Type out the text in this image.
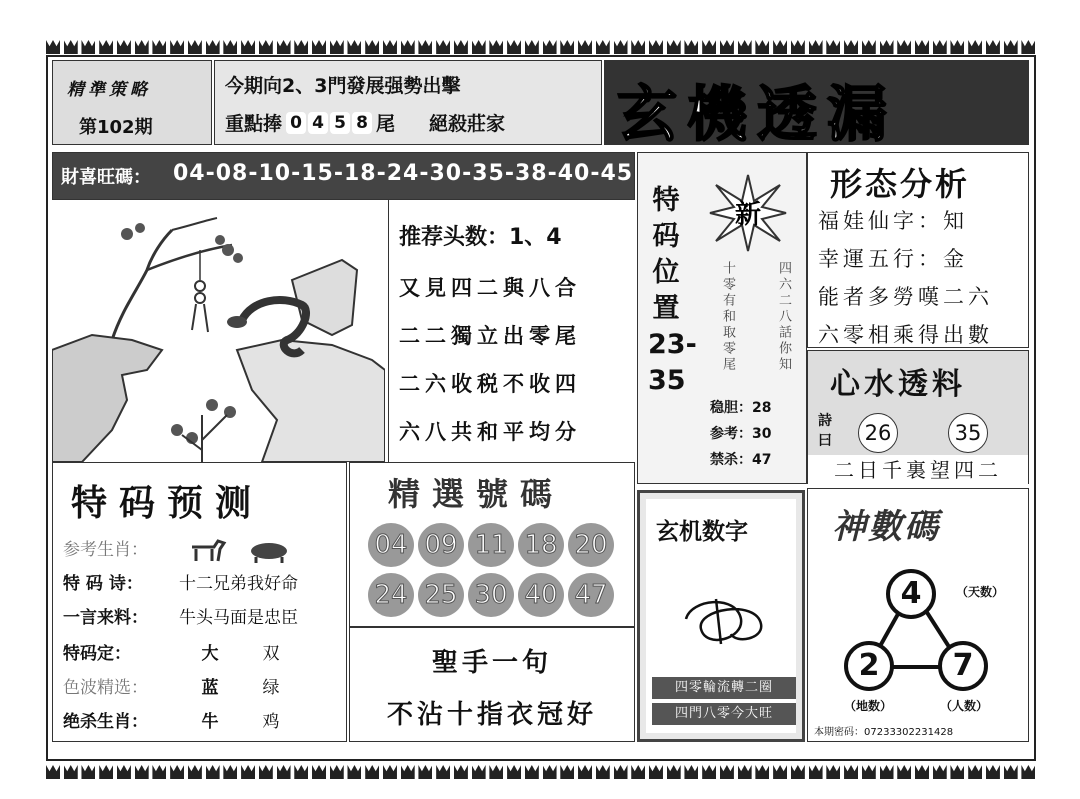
精準策略
第102期
今期向2、3門發展强勢出擊
重點捧 0 4 5 8 尾 絕殺莊家 玄機透漏
財喜旺碼： 04-08-10-15-18-24-30-35-38-40-45
推荐头数：1、4
又見四二與八合
二二獨立出零尾
二六收税不收四
六八共和平均分
特码位置23-35
新
四六二八話你知
十零有和取零尾
稳胆：28
参考：30
禁杀：47
形态分析
福娃仙字：知
幸運五行：金
能者多勞嘆二六
六零相乘得出數
心水透料
詩曰	26	35
二日千裏望四二
特码预测
参考生肖：
特 码 诗： 十二兄弟我好命
一言来料： 牛头马面是忠臣
特码定：	大	双
色波精选：	蓝	绿
绝杀生肖：	牛	鸡
精選號碼
04 09 11 18 20
24 25 30 40 47
聖手一句
不沾十指衣冠好
玄机数字
四零輪流轉二圈
四門八零今大旺
神數碼
4	（天数）
2
（地数）
7
（人数）
本期密码：07233302231428
